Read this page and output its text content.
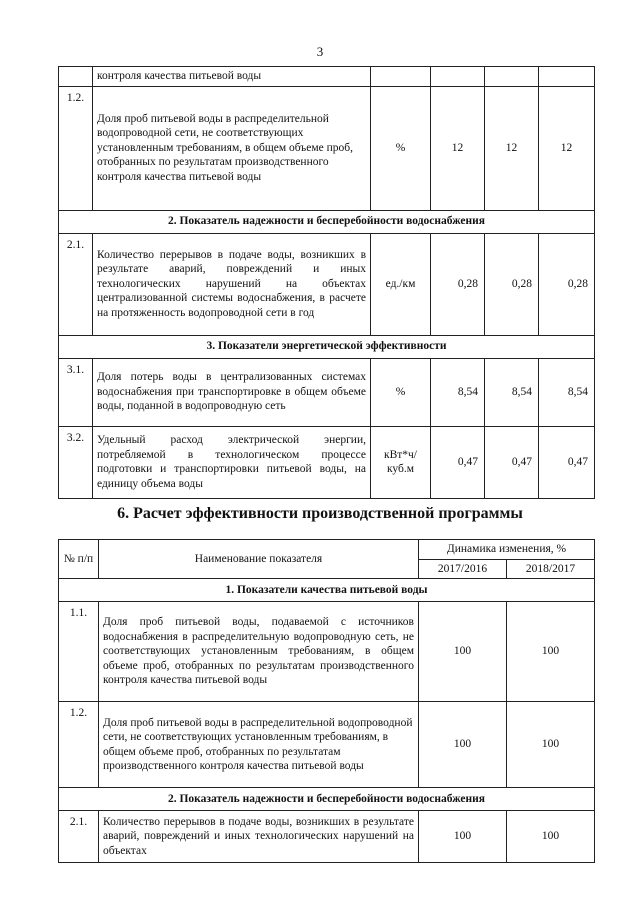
3
	контроля качества питьевой воды				
1.2.	Доля проб питьевой воды в распределительной водопроводной сети, не соответствующих установленным требованиям, в общем объеме проб, отобранных по результатам производственного контроля качества питьевой воды	%	12	12	12
2. Показатель надежности и бесперебойности водоснабжения					
2.1.	Количество перерывов в подаче воды, возникших в результате аварий, повреждений и иных технологических нарушений на объектах централизованной системы водоснабжения, в расчете на протяженность водопроводной сети в год	ед./км	0,28	0,28	0,28
3. Показатели энергетической эффективности					
3.1.	Доля потерь воды в централизованных системах водоснабжения при транспортировке в общем объеме воды, поданной в водопроводную сеть	%	8,54	8,54	8,54
3.2.	Удельный расход электрической энергии, потребляемой в технологическом процессе подготовки и транспортировки питьевой воды, на единицу объема воды	кВт*ч/ куб.м	0,47	0,47	0,47
6. Расчет эффективности производственной программы
№ п/п	Наименование показателя	Динамика изменения, %	
		2017/2016	2018/2017
1. Показатели качества питьевой воды			
1.1.	Доля проб питьевой воды, подаваемой с источников водоснабжения в распределительную водопроводную сеть, не соответствующих установленным требованиям, в общем объеме проб, отобранных по результатам производственного контроля качества питьевой воды	100	100
1.2.	Доля проб питьевой воды в распределительной водопроводной сети, не соответствующих установленным требованиям, в общем объеме проб, отобранных по результатам производственного контроля качества питьевой воды	100	100
2. Показатель надежности и бесперебойности водоснабжения			
2.1.	Количество перерывов в подаче воды, возникших в результате аварий, повреждений и иных технологических нарушений на объектах	100	100
